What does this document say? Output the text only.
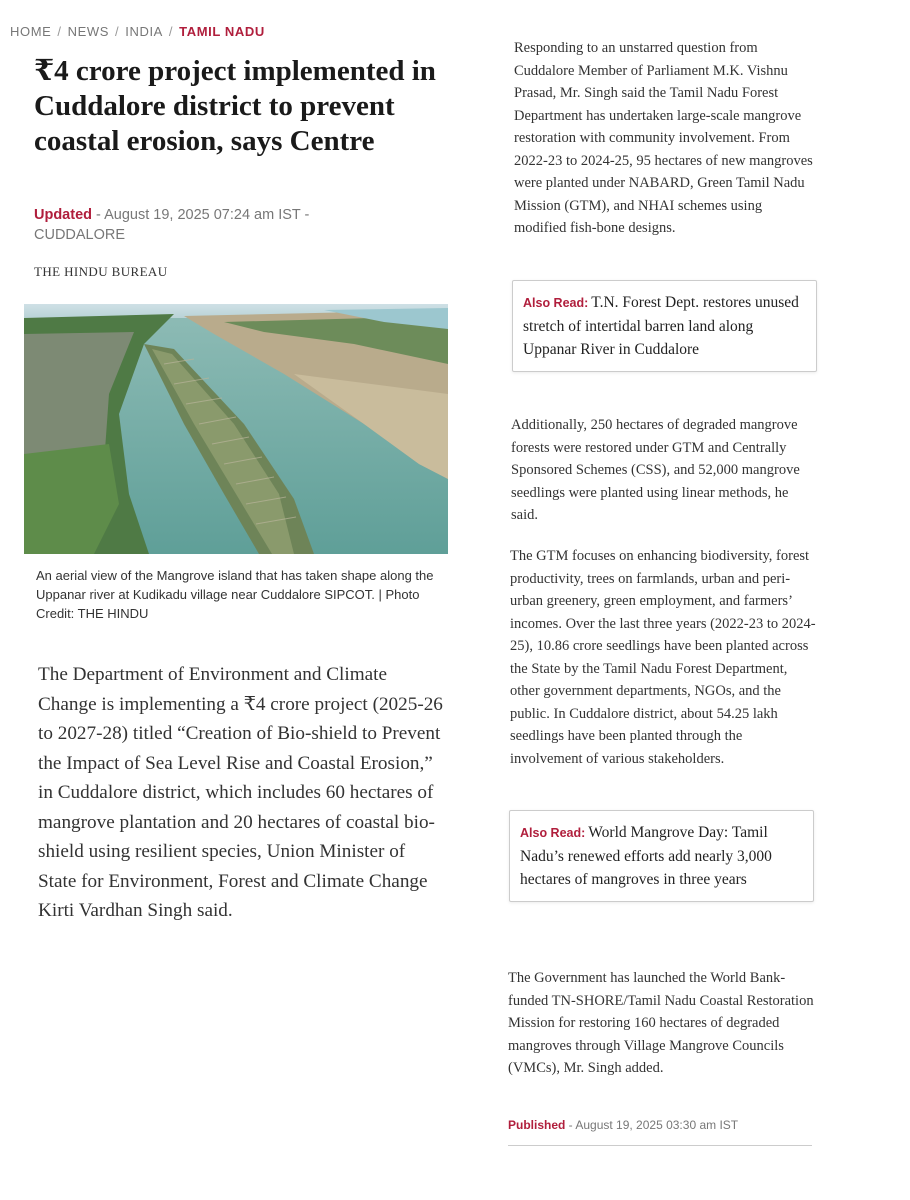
HOME / NEWS / INDIA / TAMIL NADU
₹4 crore project implemented in Cuddalore district to prevent coastal erosion, says Centre
Updated - August 19, 2025 07:24 am IST - CUDDALORE
THE HINDU BUREAU
An aerial view of the Mangrove island that has taken shape along the Uppanar river at Kudikadu village near Cuddalore SIPCOT. | Photo Credit: THE HINDU

The Department of Environment and Climate Change is implementing a ₹4 crore project (2025-26 to 2027-28) titled “Creation of Bio-shield to Prevent the Impact of Sea Level Rise and Coastal Erosion,” in Cuddalore district, which includes 60 hectares of mangrove plantation and 20 hectares of coastal bio-shield using resilient species, Union Minister of State for Environment, Forest and Climate Change Kirti Vardhan Singh said.

Responding to an unstarred question from Cuddalore Member of Parliament M.K. Vishnu Prasad, Mr. Singh said the Tamil Nadu Forest Department has undertaken large-scale mangrove restoration with community involvement. From 2022-23 to 2024-25, 95 hectares of new mangroves were planted under NABARD, Green Tamil Nadu Mission (GTM), and NHAI schemes using modified fish-bone designs.

Also Read: T.N. Forest Dept. restores unused stretch of intertidal barren land along Uppanar River in Cuddalore

Additionally, 250 hectares of degraded mangrove forests were restored under GTM and Centrally Sponsored Schemes (CSS), and 52,000 mangrove seedlings were planted using linear methods, he said.

The GTM focuses on enhancing biodiversity, forest productivity, trees on farmlands, urban and peri-urban greenery, green employment, and farmers’ incomes. Over the last three years (2022-23 to 2024-25), 10.86 crore seedlings have been planted across the State by the Tamil Nadu Forest Department, other government departments, NGOs, and the public. In Cuddalore district, about 54.25 lakh seedlings have been planted through the involvement of various stakeholders.

Also Read: World Mangrove Day: Tamil Nadu’s renewed efforts add nearly 3,000 hectares of mangroves in three years

The Government has launched the World Bank-funded TN-SHORE/Tamil Nadu Coastal Restoration Mission for restoring 160 hectares of degraded mangroves through Village Mangrove Councils (VMCs), Mr. Singh added.

Published - August 19, 2025 03:30 am IST
